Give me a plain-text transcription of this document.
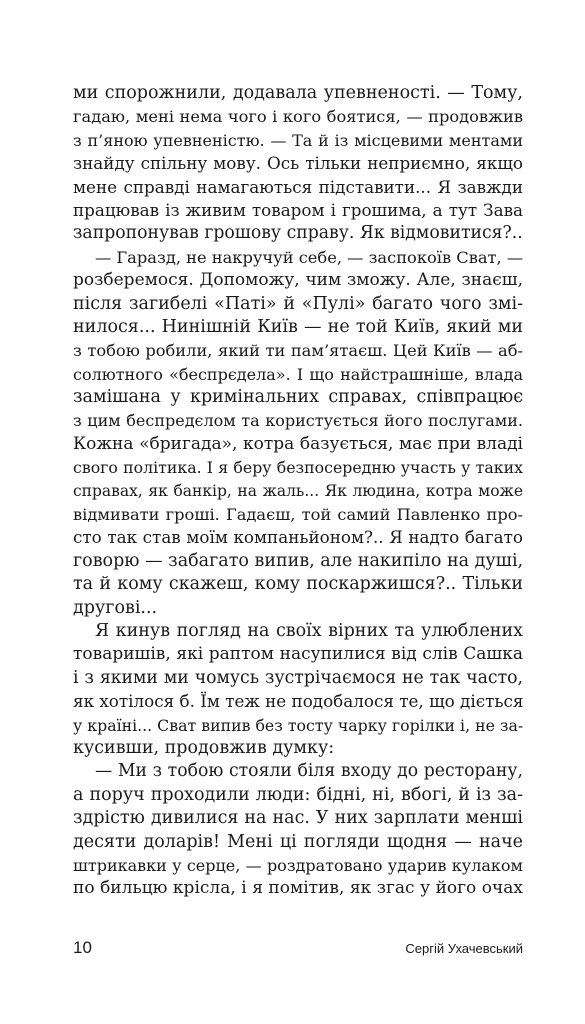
ми спорожнили, додавала упевненості. — Тому,
гадаю, мені нема чого і кого боятися, — продовжив
з п’яною упевненістю. — Та й із місцевими ментами
знайду спільну мову. Ось тільки неприємно, якщо
мене справді намагаються підставити... Я завжди
працював із живим товаром і грошима, а тут Зава
запропонував грошову справу. Як відмовитися?..
— Гаразд, не накручуй себе, — заспокоїв Сват, —
розберемося. Допоможу, чим зможу. Але, знаєш,
після загибелі «Паті» й «Пулі» багато чого змі-
нилося... Нинішній Київ — не той Київ, який ми
з тобою робили, який ти пам’ятаєш. Цей Київ — аб-
солютного «беспрєдела». І що найстрашніше, влада
замішана у кримінальних справах, співпрацює
з цим беспредєлом та користується його послугами.
Кожна «бригада», котра базується, має при владі
свого політика. І я беру безпосередню участь у таких
справах, як банкір, на жаль... Як людина, котра може
відмивати гроші. Гадаєш, той самий Павленко про-
сто так став моїм компаньйоном?.. Я надто багато
говорю — забагато випив, але накипіло на душі,
та й кому скажеш, кому поскаржишся?.. Тільки
другові...
Я кинув погляд на своїх вірних та улюблених
товаришів, які раптом насупилися від слів Сашка
і з якими ми чомусь зустрічаємося не так часто,
як хотілося б. Їм теж не подобалося те, що діється
у країні... Сват випив без тосту чарку горілки і, не за-
кусивши, продовжив думку:
— Ми з тобою стояли біля входу до ресторану,
а поруч проходили люди: бідні, ні, вбогі, й із за-
здрістю дивилися на нас. У них зарплати менші
десяти доларів! Мені ці погляди щодня — наче
штрикавки у серце, — роздратовано ударив кулаком
по бильцю крісла, і я помітив, як згас у його очах
10	Сергій Ухачевський
